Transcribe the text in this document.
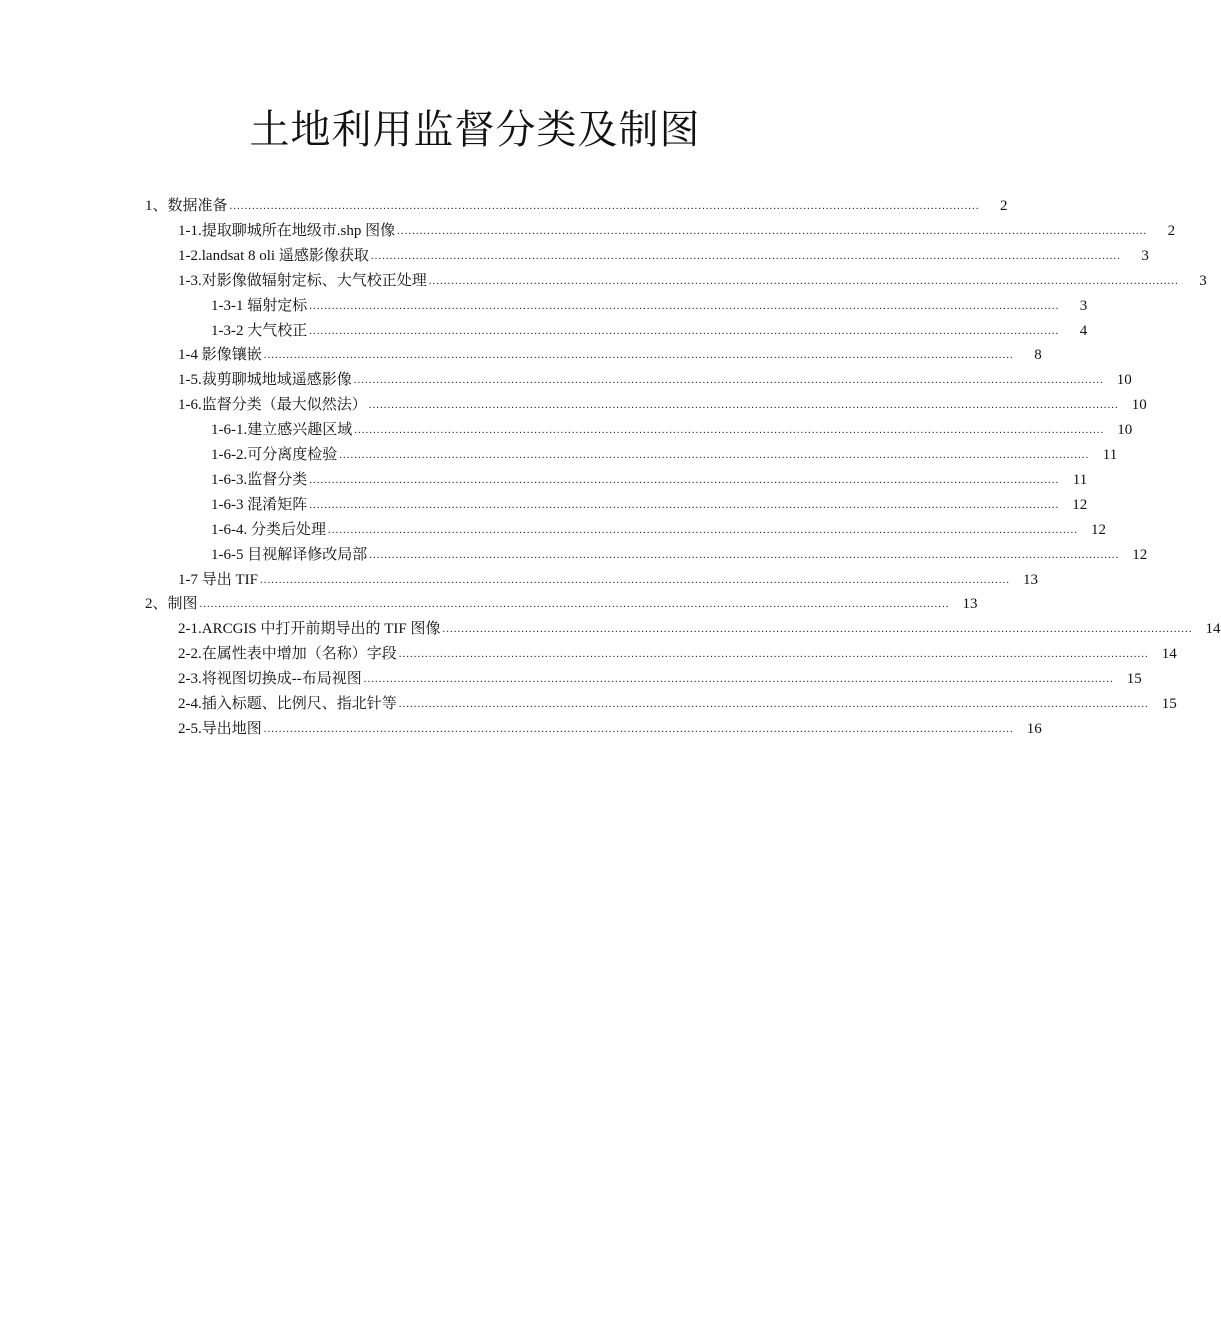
土地利用监督分类及制图
1、数据准备 ........................................................................................................................................................................................................	2
1-1.提取聊城所在地级市.shp 图像 ........................................................................................................................................................................................................	2
1-2.landsat 8 oli 遥感影像获取 ........................................................................................................................................................................................................	3
1-3.对影像做辐射定标、大气校正处理 ........................................................................................................................................................................................................	3
1-3-1 辐射定标 ........................................................................................................................................................................................................	3
1-3-2 大气校正 ........................................................................................................................................................................................................	4
1-4 影像镶嵌 ........................................................................................................................................................................................................	8
1-5.裁剪聊城地域遥感影像 ........................................................................................................................................................................................................ 10
1-6.监督分类（最大似然法） ........................................................................................................................................................................................................ 10
1-6-1.建立感兴趣区域 ........................................................................................................................................................................................................ 10
1-6-2.可分离度检验 ........................................................................................................................................................................................................ 11
1-6-3.监督分类 ........................................................................................................................................................................................................ 11
1-6-3 混淆矩阵 ........................................................................................................................................................................................................ 12
1-6-4. 分类后处理 ........................................................................................................................................................................................................ 12
1-6-5 目视解译修改局部 ........................................................................................................................................................................................................ 12
1-7 导出 TIF ........................................................................................................................................................................................................ 13
2、制图 ........................................................................................................................................................................................................ 13
2-1.ARCGIS 中打开前期导出的 TIF 图像 ........................................................................................................................................................................................................ 14
2-2.在属性表中增加（名称）字段 ........................................................................................................................................................................................................ 14
2-3.将视图切换成--布局视图 ........................................................................................................................................................................................................ 15
2-4.插入标题、比例尺、指北针等 ........................................................................................................................................................................................................ 15
2-5.导出地图 ........................................................................................................................................................................................................ 16
